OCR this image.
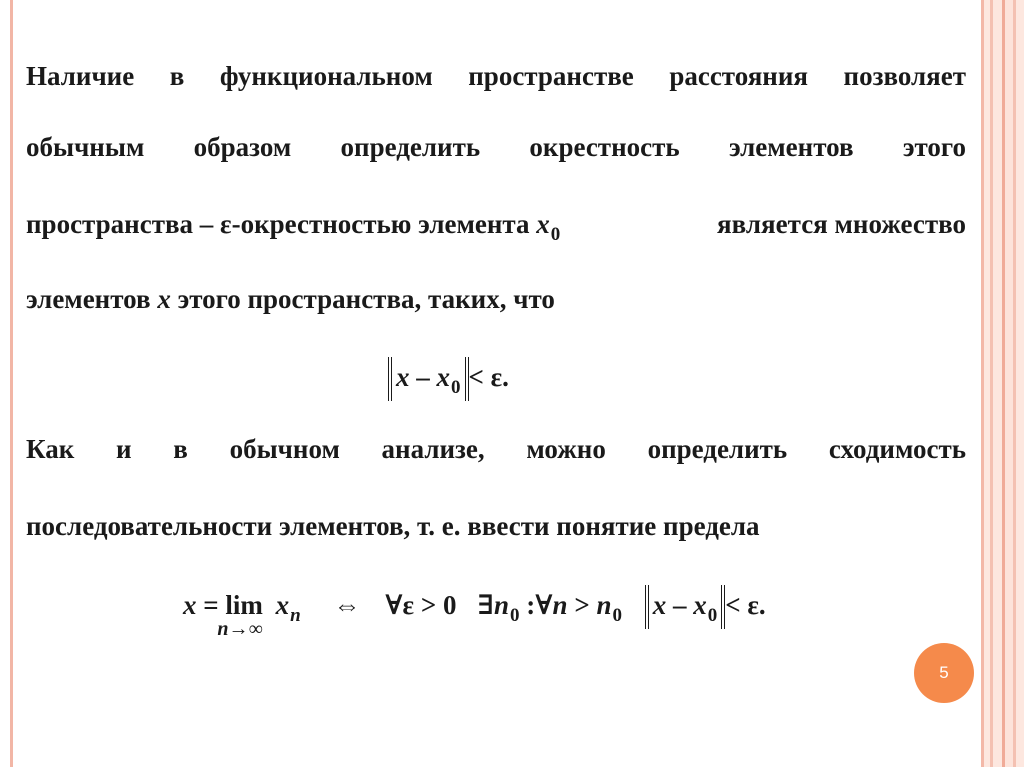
Наличие в функциональном пространстве расстояния позволяет
обычным образом определить окрестность элементов этого
пространства – ε-окрестностью элемента $x_0$	является множество
элементов x этого пространства, таких, что
$x - x_0 < \varepsilon$.
Как и в обычном анализе, можно определить сходимость
последовательности элементов, т. е. ввести понятие предела
x = lim
n→∞
$x_n$ ⇔ ∀ε > 0 $\exists n_0$ :∀n > $n_0$ $x - x_0 < \varepsilon$.
5
